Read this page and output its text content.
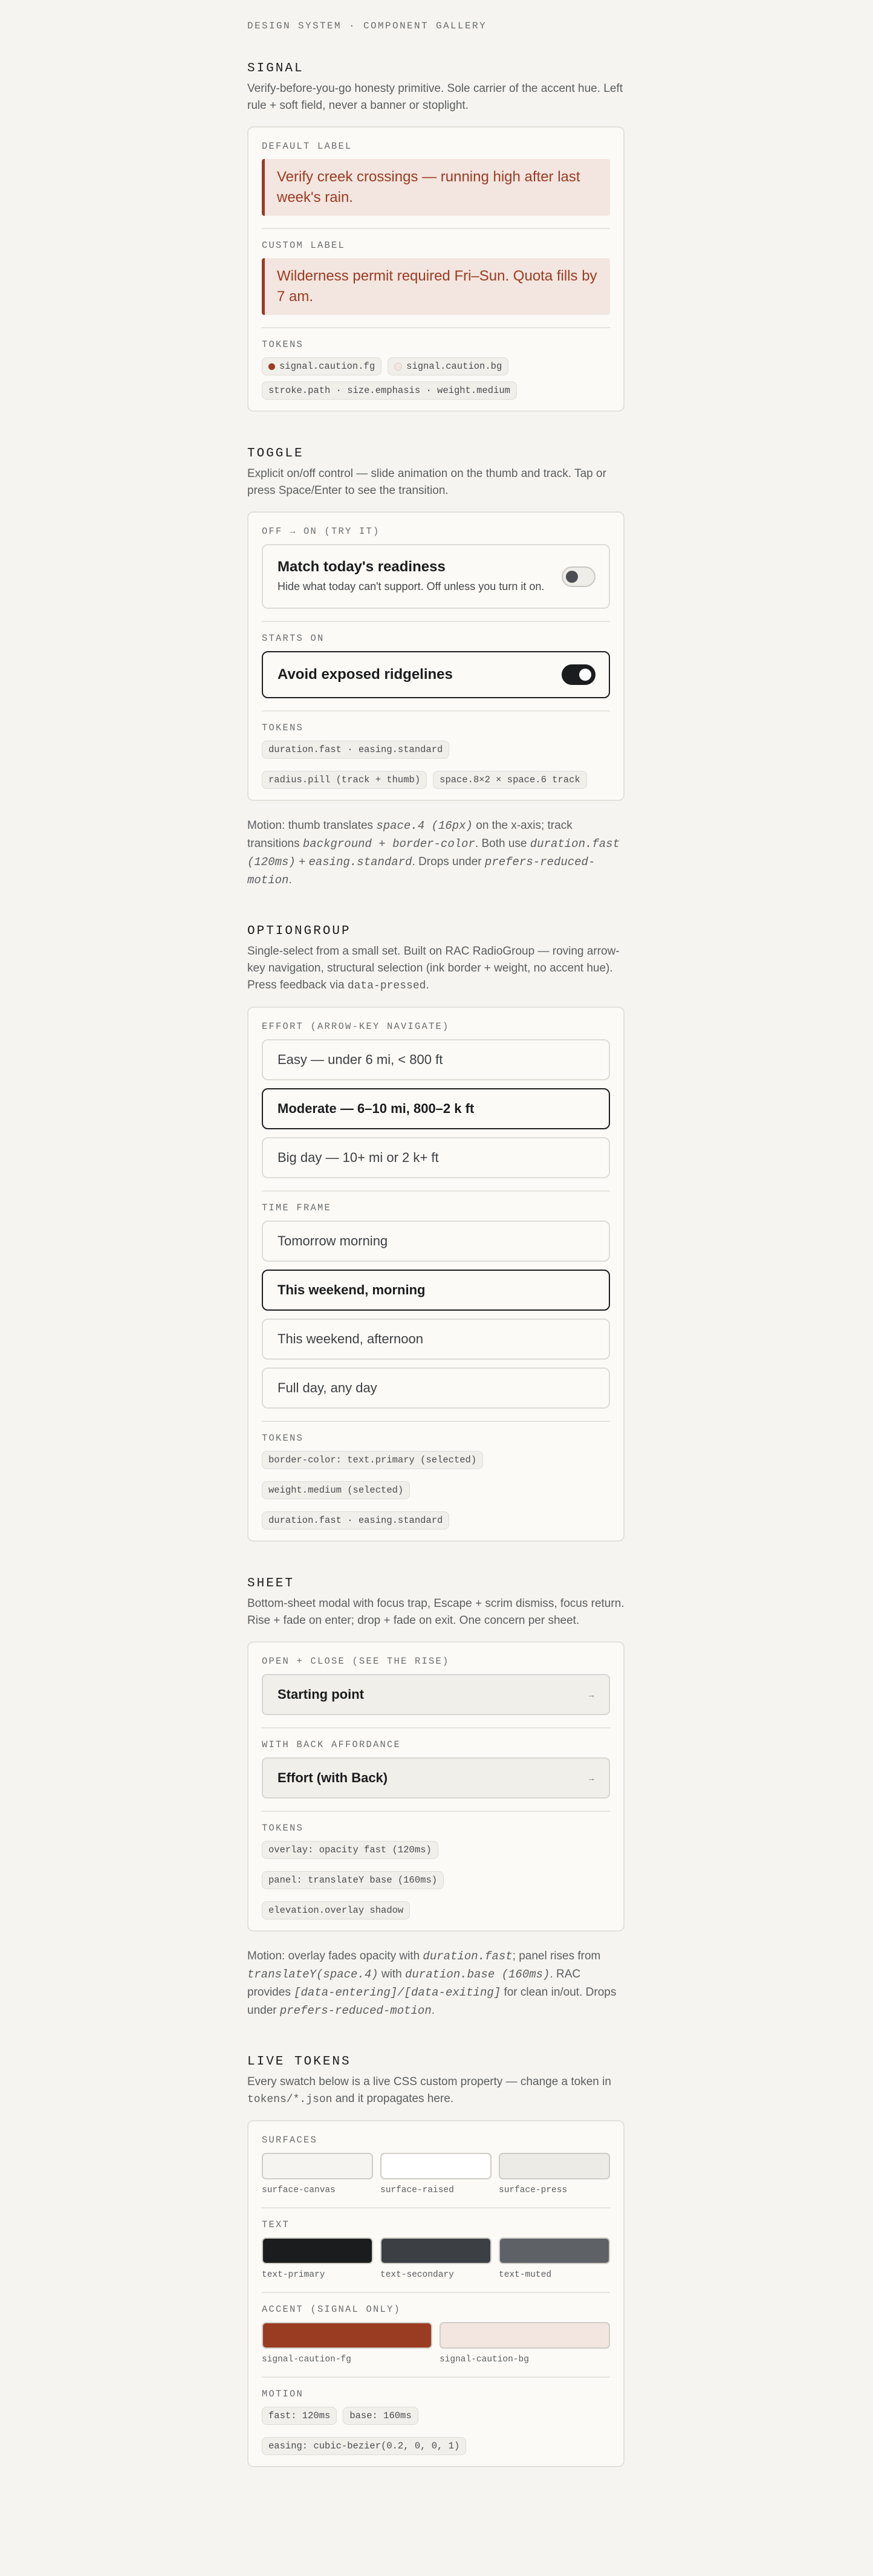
DESIGN SYSTEM · COMPONENT GALLERY
SIGNAL

Verify-before-you-go honesty primitive. Sole carrier of the accent hue. Left rule + soft field, never a banner or stoplight.

DEFAULT LABEL
Verify creek crossings — running high after last week's rain.
CUSTOM LABEL
Wilderness permit required Fri–Sun. Quota fills by 7 am.
TOKENS
signal.caution.fg	signal.caution.bg
stroke.path · size.emphasis · weight.medium
TOGGLE

Explicit on/off control — slide animation on the thumb and track. Tap or press Space/Enter to see the transition.

OFF → ON (TRY IT)
Match today's readiness
Hide what today can't support. Off unless you turn it on.
STARTS ON
Avoid exposed ridgelines
TOKENS
duration.fast · easing.standard
radius.pill (track + thumb)	space.8×2 × space.6 track

Motion: thumb translates space.4 (16px) on the x-axis; track transitions background + border-color. Both use duration.fast (120ms) + easing.standard. Drops under prefers-reduced-motion.

OPTIONGROUP

Single-select from a small set. Built on RAC RadioGroup — roving arrow-key navigation, structural selection (ink border + weight, no accent hue). Press feedback via data-pressed.

EFFORT (ARROW-KEY NAVIGATE)
Easy — under 6 mi, < 800 ft
Moderate — 6–10 mi, 800–2 k ft
Big day — 10+ mi or 2 k+ ft
TIME FRAME
Tomorrow morning
This weekend, morning
This weekend, afternoon
Full day, any day
TOKENS
border-color: text.primary (selected)
weight.medium (selected)
duration.fast · easing.standard
SHEET

Bottom-sheet modal with focus trap, Escape + scrim dismiss, focus return. Rise + fade on enter; drop + fade on exit. One concern per sheet.

OPEN + CLOSE (SEE THE RISE)
Starting point	→
WITH BACK AFFORDANCE
Effort (with Back)	→
TOKENS
overlay: opacity fast (120ms)
panel: translateY base (160ms)
elevation.overlay shadow

Motion: overlay fades opacity with duration.fast; panel rises from translateY(space.4) with duration.base (160ms). RAC provides [data-entering]/[data-exiting] for clean in/out. Drops under prefers-reduced-motion.

LIVE TOKENS

Every swatch below is a live CSS custom property — change a token in tokens/*.json and it propagates here.

SURFACES
surface-canvas	surface-raised	surface-press
TEXT
text-primary	text-secondary	text-muted
ACCENT (SIGNAL ONLY)
signal-caution-fg	signal-caution-bg
MOTION
fast: 120ms	base: 160ms
easing: cubic-bezier(0.2, 0, 0, 1)
